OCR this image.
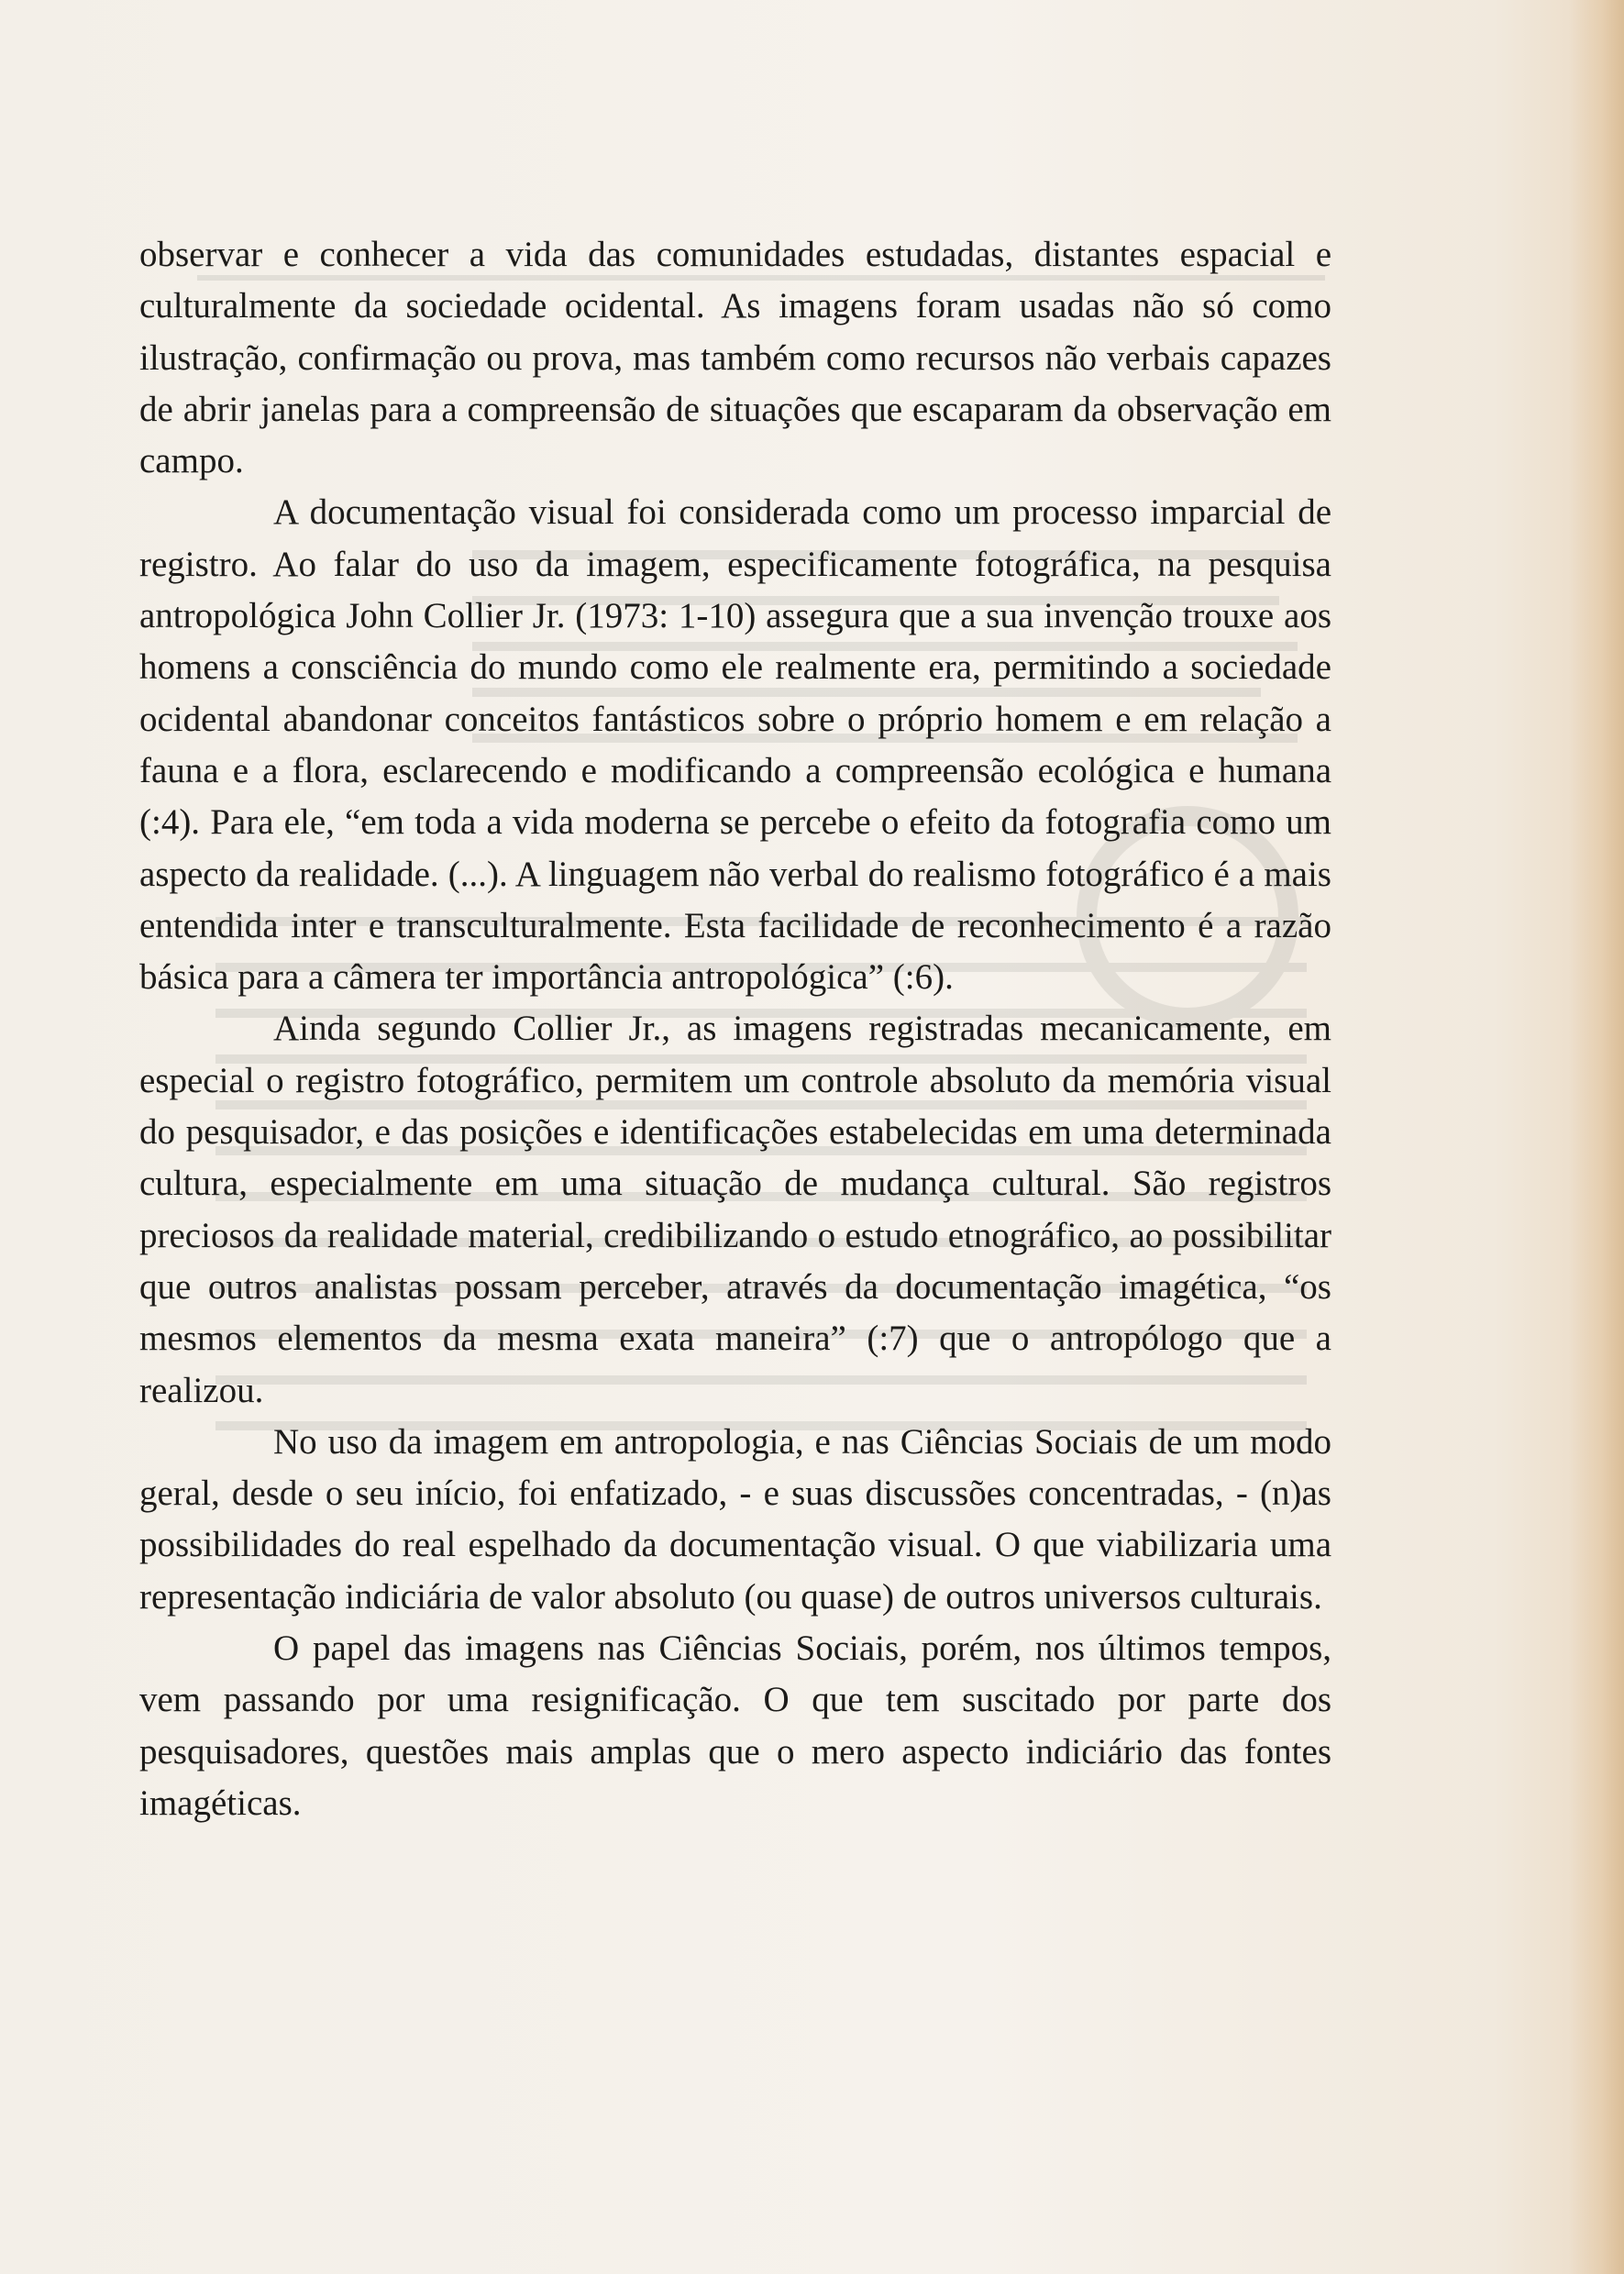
observar e conhecer a vida das comunidades estudadas, distantes espacial e culturalmente da sociedade ocidental. As imagens foram usadas não só como ilustração, confirmação ou prova, mas também como recursos não verbais capazes de abrir janelas para a compreensão de situações que escaparam da observação em campo.

A documentação visual foi considerada como um processo imparcial de registro. Ao falar do uso da imagem, especificamente fotográfica, na pesquisa antropológica John Collier Jr. (1973: 1-10) assegura que a sua invenção trouxe aos homens a consciência do mundo como ele realmente era, permitindo a sociedade ocidental abandonar conceitos fantásticos sobre o próprio homem e em relação a fauna e a flora, esclarecendo e modificando a compreensão ecológica e humana (:4). Para ele, “em toda a vida moderna se percebe o efeito da fotografia como um aspecto da realidade. (...). A linguagem não verbal do realismo fotográfico é a mais entendida inter e transculturalmente. Esta facilidade de reconhecimento é a razão básica para a câmera ter importância antropológica” (:6).

Ainda segundo Collier Jr., as imagens registradas mecanicamente, em especial o registro fotográfico, permitem um controle absoluto da memória visual do pesquisador, e das posições e identificações estabelecidas em uma determinada cultura, especialmente em uma situação de mudança cultural. São registros preciosos da realidade material, credibilizando o estudo etnográfico, ao possibilitar que outros analistas possam perceber, através da documentação imagética, “os mesmos elementos da mesma exata maneira” (:7) que o antropólogo que a realizou.

No uso da imagem em antropologia, e nas Ciências Sociais de um modo geral, desde o seu início, foi enfatizado, - e suas discussões concentradas, - (n)as possibilidades do real espelhado da documentação visual. O que viabilizaria uma representação indiciária de valor absoluto (ou quase) de outros universos culturais.

O papel das imagens nas Ciências Sociais, porém, nos últimos tempos, vem passando por uma resignificação. O que tem suscitado por parte dos pesquisadores, questões mais amplas que o mero aspecto indiciário das fontes imagéticas.
